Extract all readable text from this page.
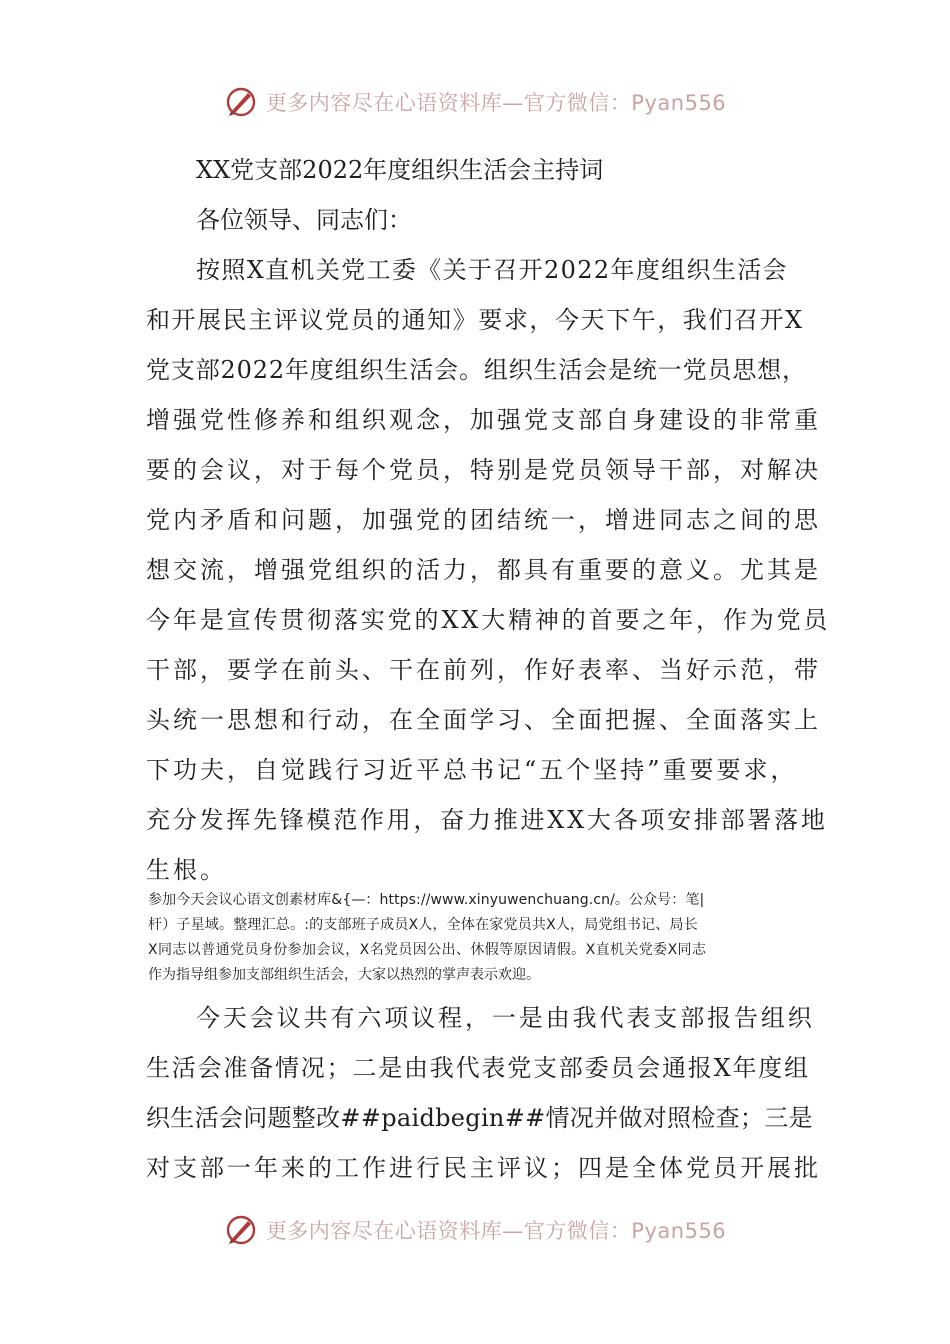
更多内容尽在心语资料库—官方微信：Pyan556
XX党支部2022年度组织生活会主持词
各位领导、同志们：
按照X直机关党工委《关于召开2022年度组织生活会
和开展民主评议党员的通知》要求，今天下午，我们召开X
党支部2022年度组织生活会。组织生活会是统一党员思想，
增强党性修养和组织观念，加强党支部自身建设的非常重
要的会议，对于每个党员，特别是党员领导干部，对解决
党内矛盾和问题，加强党的团结统一，增进同志之间的思
想交流，增强党组织的活力，都具有重要的意义。尤其是
今年是宣传贯彻落实党的XX大精神的首要之年，作为党员
干部，要学在前头、干在前列，作好表率、当好示范，带
头统一思想和行动，在全面学习、全面把握、全面落实上
下功夫，自觉践行习近平总书记“五个坚持”重要要求，
充分发挥先锋模范作用，奋力推进XX大各项安排部署落地
生根。
参加今天会议心语文创素材库&{—：https://www.xinyuwenchuang.cn/。公众号：笔|
杆）子星域。整理汇总。:的支部班子成员X人，全体在家党员共X人，局党组书记、局长
X同志以普通党员身份参加会议，X名党员因公出、休假等原因请假。X直机关党委X同志
作为指导组参加支部组织生活会，大家以热烈的掌声表示欢迎。
今天会议共有六项议程，一是由我代表支部报告组织
生活会准备情况；二是由我代表党支部委员会通报X年度组
织生活会问题整改##paidbegin##情况并做对照检查；三是
对支部一年来的工作进行民主评议；四是全体党员开展批
更多内容尽在心语资料库—官方微信：Pyan556
